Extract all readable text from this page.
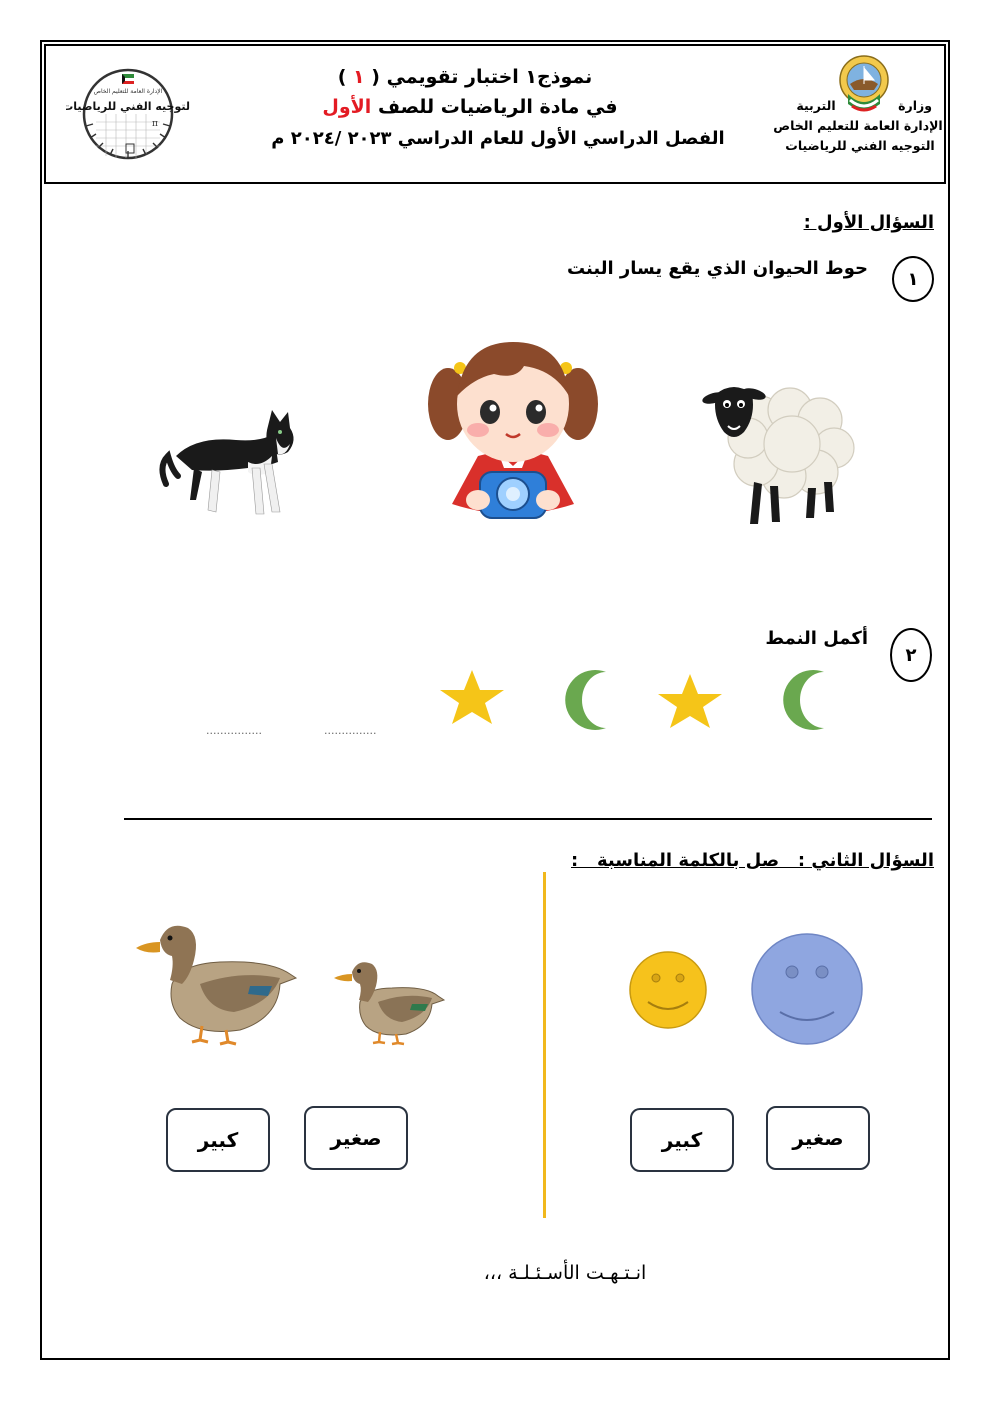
الإدارة العامة للتعليم الخاص
التوجيه الفني للرياضيات
π
نموذج١ اختبار تقويمي ( ١ )
في مادة الرياضيات للصف الأول
الفصل الدراسي الأول للعام الدراسي ٢٠٢٣ /٢٠٢٤ م
وزارة
التربية
الإدارة العامة للتعليم الخاص
التوجيه الفني للرياضيات
السؤال الأول :
١
حوط الحيوان الذي يقع يسار البنت
٢
أكمل النمط
...............
................
السؤال الثاني :   صل بالكلمة المناسبة   :
صغير
كبير
صغير
كبير
انـتـهـت الأسـئـلـة ،،،
